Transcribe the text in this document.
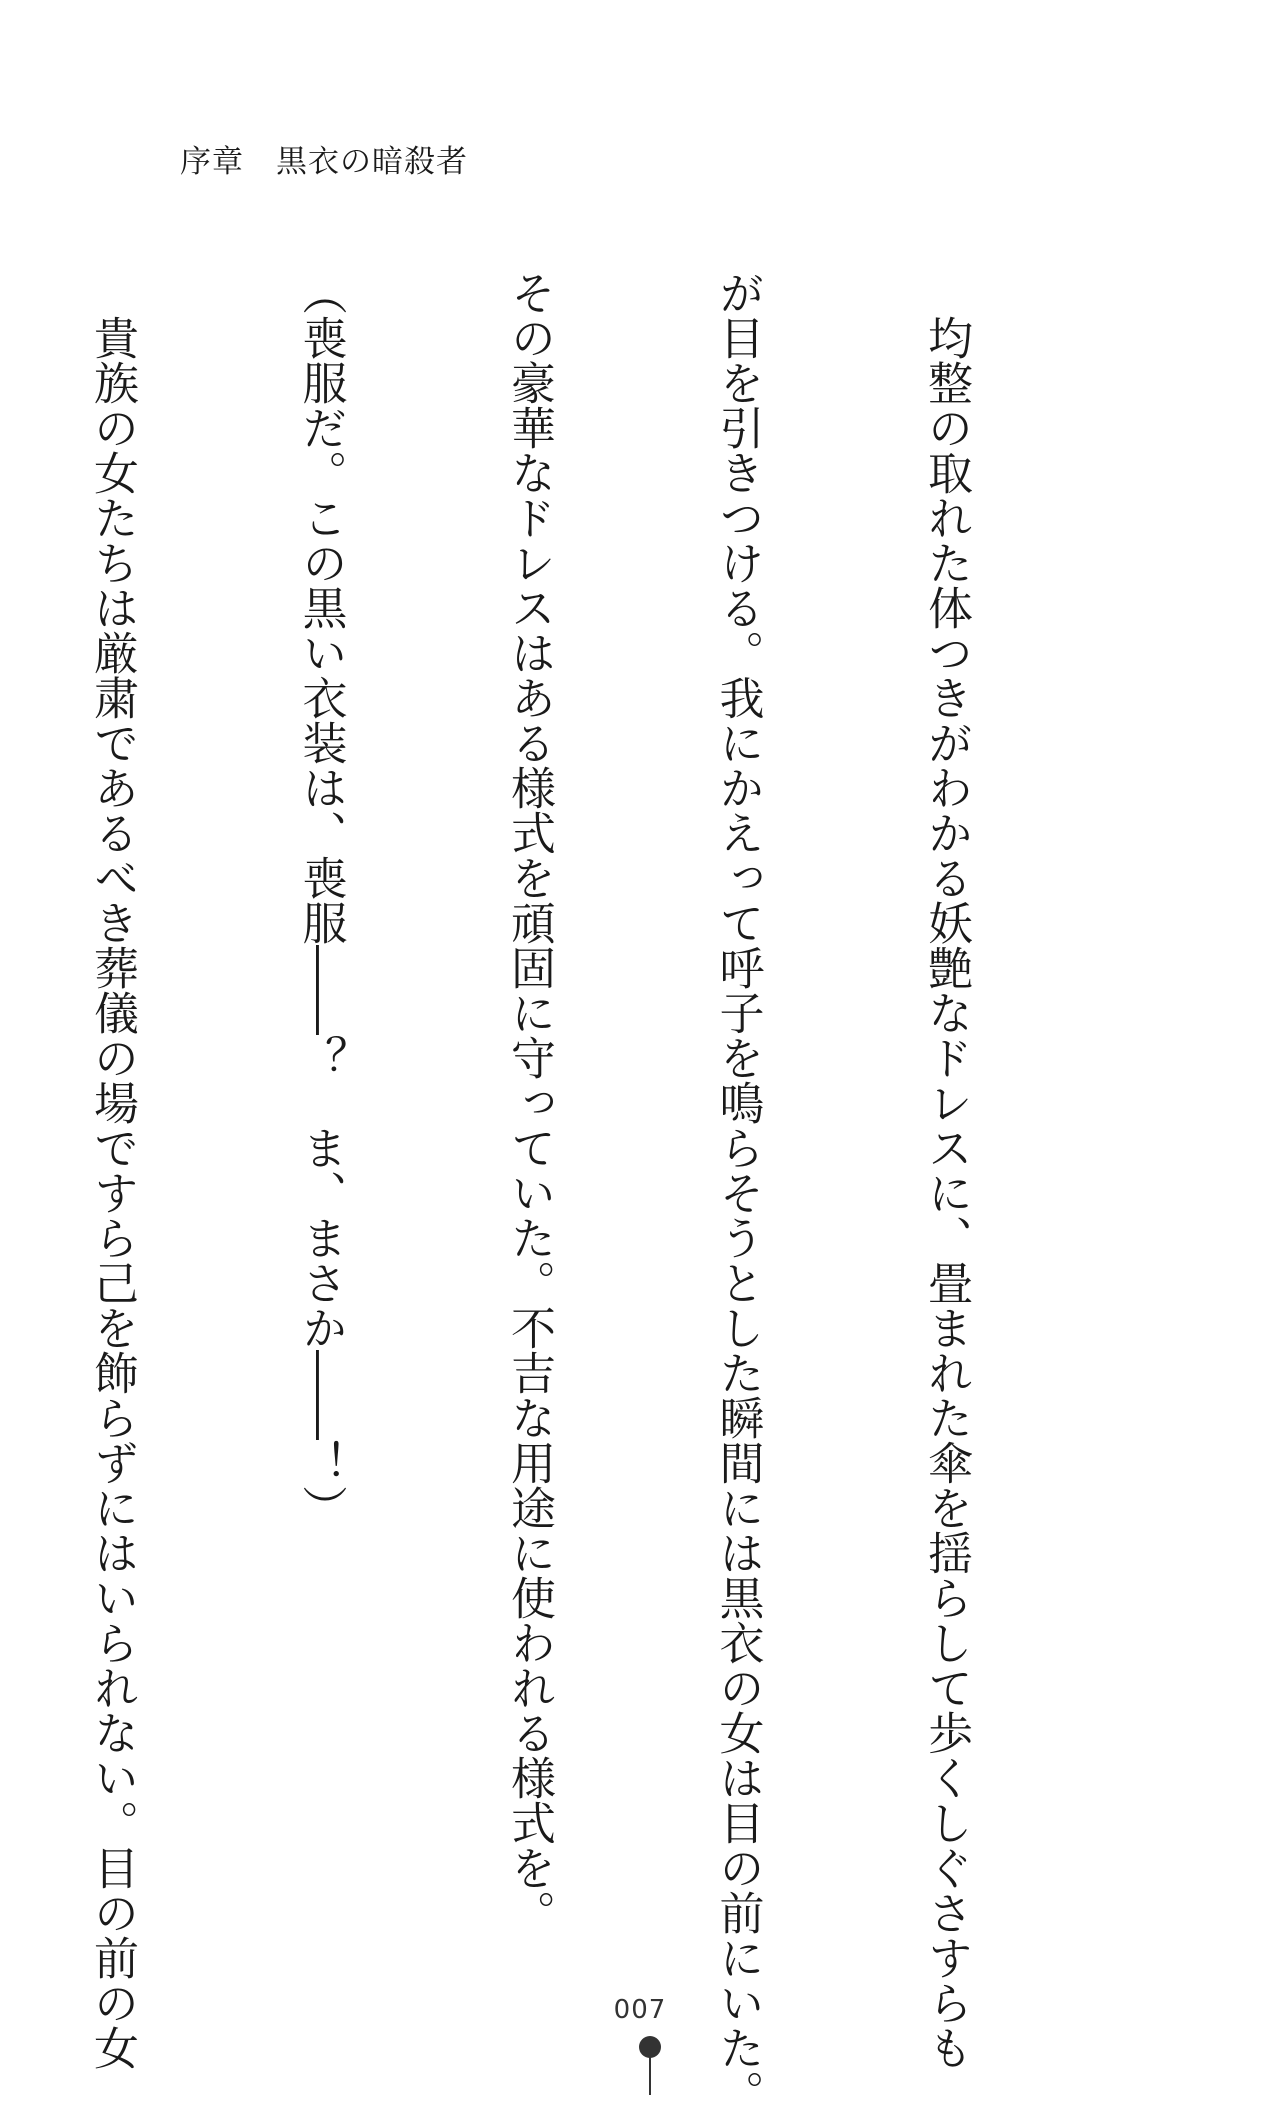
序章　黒衣の暗殺者

　均整の取れた体つきがわかる妖艶なドレスに、畳まれた傘を揺らして歩くしぐさすらも

が目を引きつける。我にかえって呼子を鳴らそうとした瞬間には黒衣の女は目の前にいた。

その豪華なドレスはある様式を頑固に守っていた。不吉な用途に使われる様式を。

（喪服だ。この黒い衣装は、喪服――？　ま、まさか――！）

　貴族の女たちは厳粛であるべき葬儀の場ですら己を飾らずにはいられない。目の前の女

	007
